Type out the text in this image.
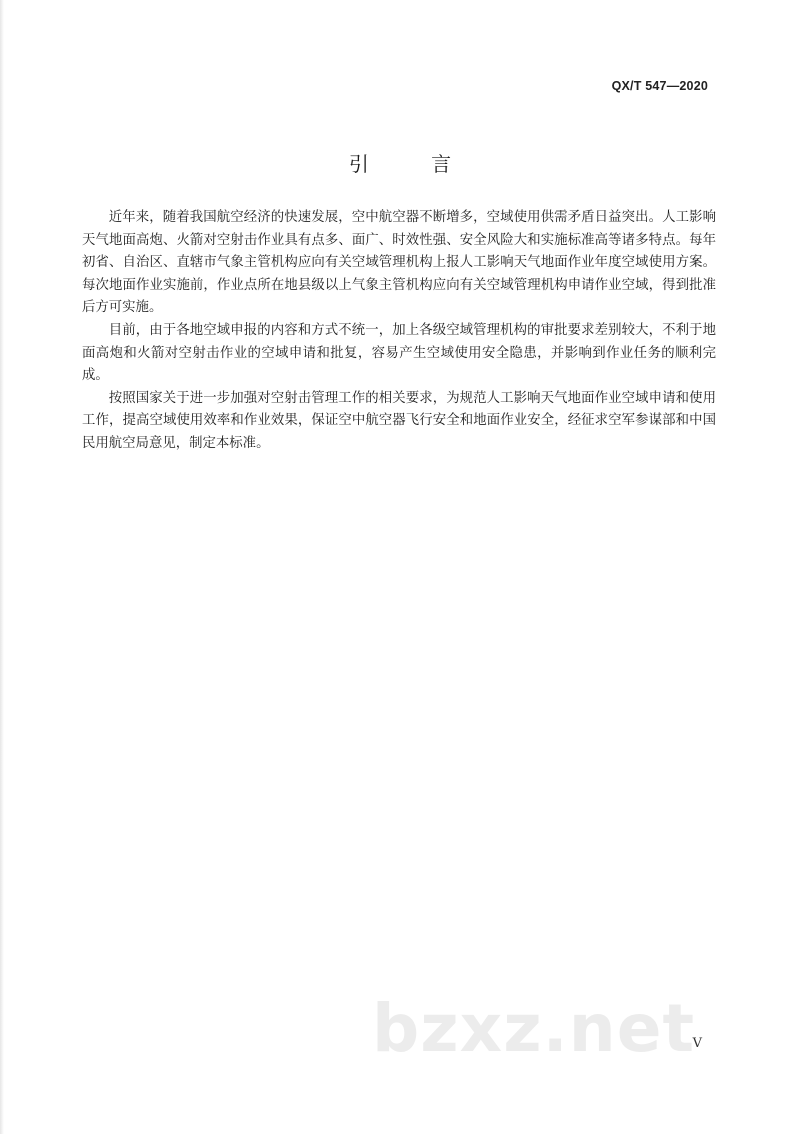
QX/T 547—2020
引 言

近年来，随着我国航空经济的快速发展，空中航空器不断增多，空域使用供需矛盾日益突出。人工影响天气地面高炮、火箭对空射击作业具有点多、面广、时效性强、安全风险大和实施标准高等诸多特点。每年初省、自治区、直辖市气象主管机构应向有关空域管理机构上报人工影响天气地面作业年度空域使用方案。每次地面作业实施前，作业点所在地县级以上气象主管机构应向有关空域管理机构申请作业空域，得到批准后方可实施。

目前，由于各地空域申报的内容和方式不统一，加上各级空域管理机构的审批要求差别较大，不利于地面高炮和火箭对空射击作业的空域申请和批复，容易产生空域使用安全隐患，并影响到作业任务的顺利完成。

按照国家关于进一步加强对空射击管理工作的相关要求，为规范人工影响天气地面作业空域申请和使用工作，提高空域使用效率和作业效果，保证空中航空器飞行安全和地面作业安全，经征求空军参谋部和中国民用航空局意见，制定本标准。

bzxz.net
V
